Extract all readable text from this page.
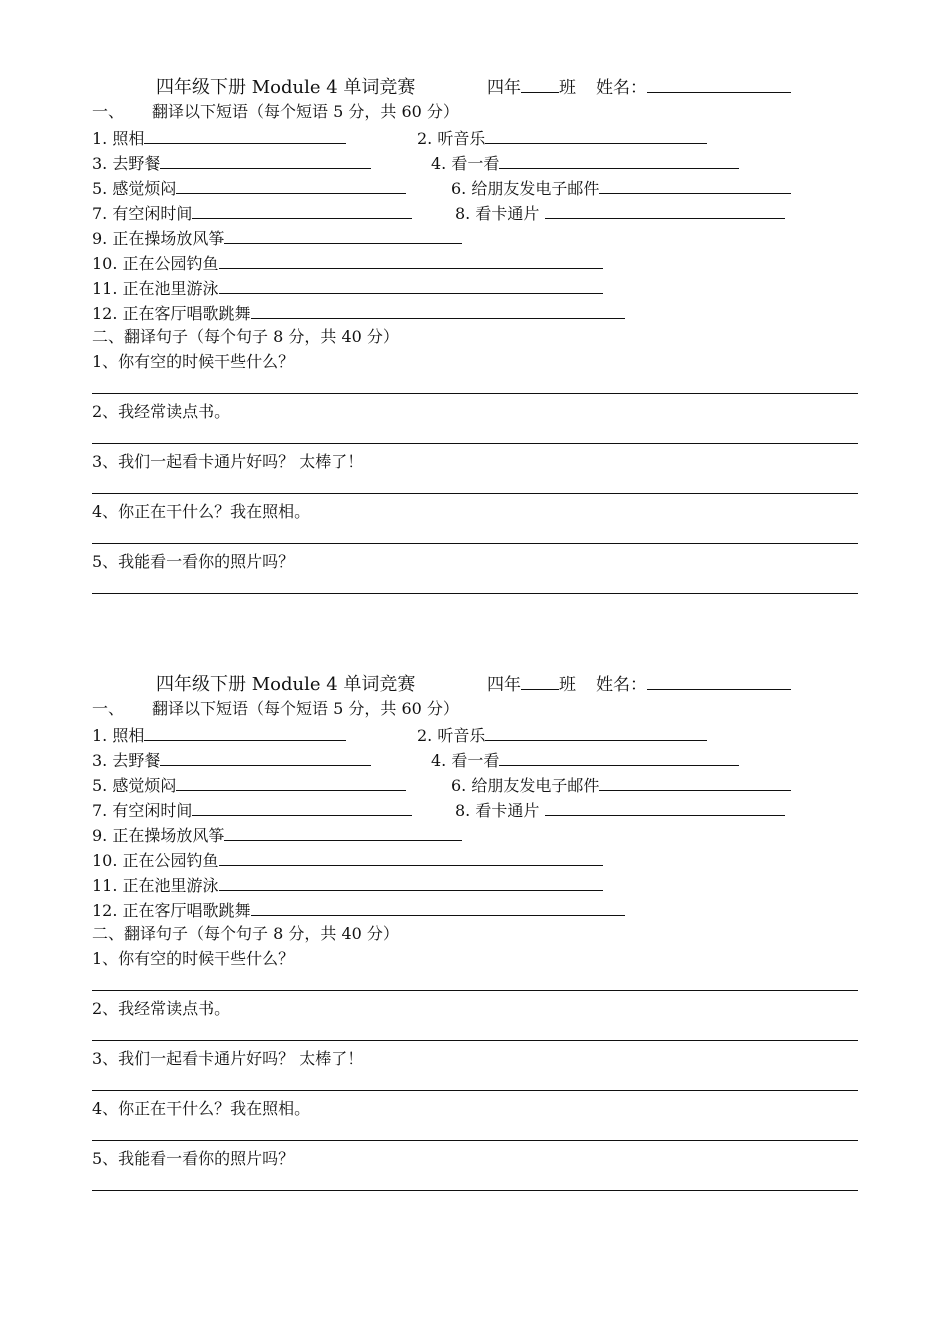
四年级下册 Module 4 单词竞赛	四年 班 姓名：
一、 翻译以下短语（每个短语 5 分，共 60 分）
1. 照相	2. 听音乐
3. 去野餐	4. 看一看
5. 感觉烦闷	6. 给朋友发电子邮件
7. 有空闲时间	8. 看卡通片
9. 正在操场放风筝
10. 正在公园钓鱼
11. 正在池里游泳
12. 正在客厅唱歌跳舞
二、翻译句子（每个句子 8 分，共 40 分）
1、你有空的时候干些什么？
2、我经常读点书。
3、我们一起看卡通片好吗？ 太棒了！
4、你正在干什么？我在照相。
5、我能看一看你的照片吗？
四年级下册 Module 4 单词竞赛	四年 班 姓名：
一、 翻译以下短语（每个短语 5 分，共 60 分）
1. 照相	2. 听音乐
3. 去野餐	4. 看一看
5. 感觉烦闷	6. 给朋友发电子邮件
7. 有空闲时间	8. 看卡通片
9. 正在操场放风筝
10. 正在公园钓鱼
11. 正在池里游泳
12. 正在客厅唱歌跳舞
二、翻译句子（每个句子 8 分，共 40 分）
1、你有空的时候干些什么？
2、我经常读点书。
3、我们一起看卡通片好吗？ 太棒了！
4、你正在干什么？我在照相。
5、我能看一看你的照片吗？
